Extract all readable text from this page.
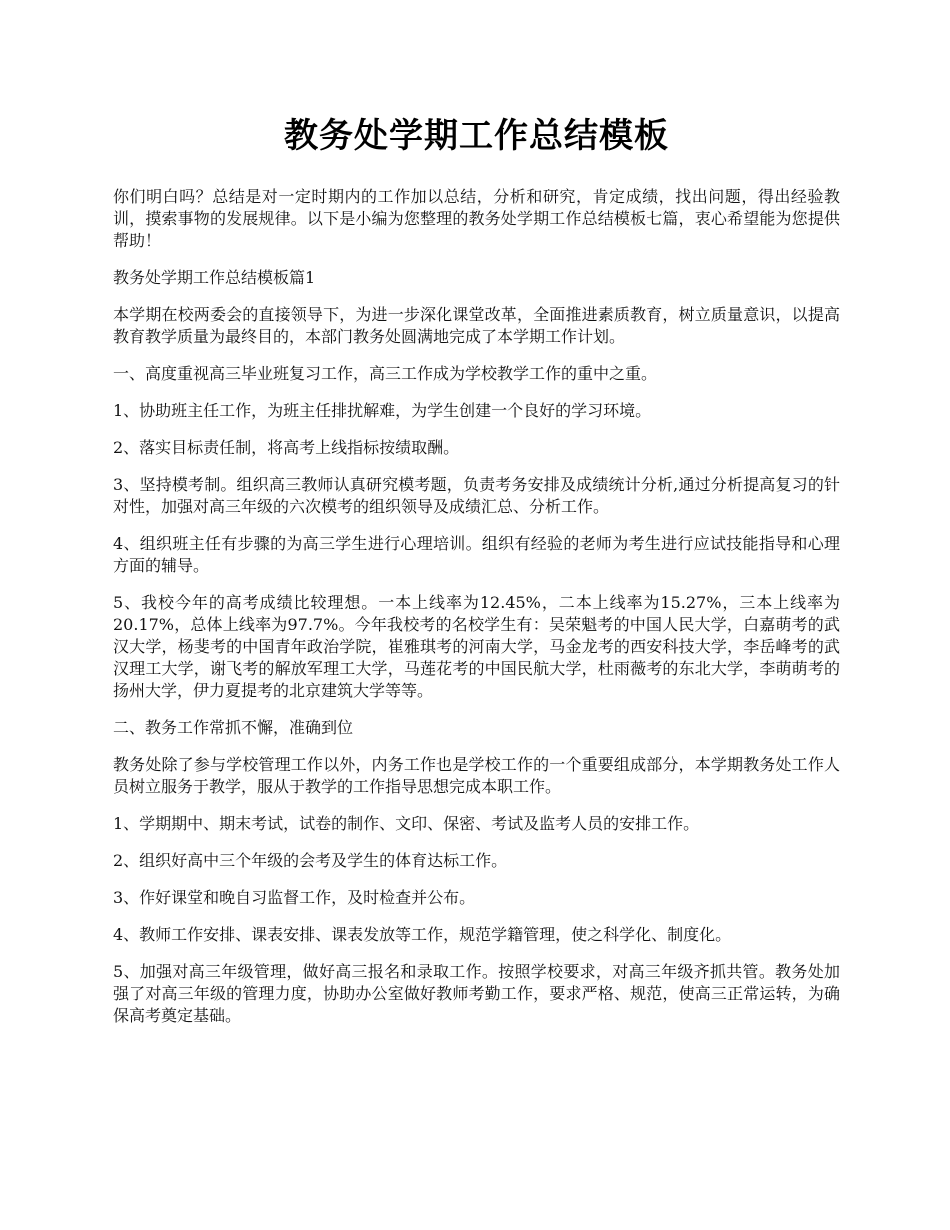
教务处学期工作总结模板

你们明白吗？总结是对一定时期内的工作加以总结，分析和研究，肯定成绩，找出问题，得出经验教训，摸索事物的发展规律。以下是小编为您整理的教务处学期工作总结模板七篇，衷心希望能为您提供帮助！

教务处学期工作总结模板篇1

本学期在校两委会的直接领导下，为进一步深化课堂改革，全面推进素质教育，树立质量意识，以提高教育教学质量为最终目的，本部门教务处圆满地完成了本学期工作计划。

一、高度重视高三毕业班复习工作，高三工作成为学校教学工作的重中之重。

1、协助班主任工作，为班主任排扰解难，为学生创建一个良好的学习环境。

2、落实目标责任制，将高考上线指标按绩取酬。

3、坚持模考制。组织高三教师认真研究模考题，负责考务安排及成绩统计分析,通过分析提高复习的针对性，加强对高三年级的六次模考的组织领导及成绩汇总、分析工作。

4、组织班主任有步骤的为高三学生进行心理培训。组织有经验的老师为考生进行应试技能指导和心理方面的辅导。

5、我校今年的高考成绩比较理想。一本上线率为12.45%，二本上线率为15.27%，三本上线率为20.17%，总体上线率为97.7%。今年我校考的名校学生有：吴荣魁考的中国人民大学，白嘉萌考的武汉大学，杨斐考的中国青年政治学院，崔雅琪考的河南大学，马金龙考的西安科技大学，李岳峰考的武汉理工大学，谢飞考的解放军理工大学，马莲花考的中国民航大学，杜雨薇考的东北大学，李萌萌考的扬州大学，伊力夏提考的北京建筑大学等等。

二、教务工作常抓不懈，准确到位

教务处除了参与学校管理工作以外，内务工作也是学校工作的一个重要组成部分，本学期教务处工作人员树立服务于教学，服从于教学的工作指导思想完成本职工作。

1、学期期中、期末考试，试卷的制作、文印、保密、考试及监考人员的安排工作。

2、组织好高中三个年级的会考及学生的体育达标工作。

3、作好课堂和晚自习监督工作，及时检查并公布。

4、教师工作安排、课表安排、课表发放等工作，规范学籍管理，使之科学化、制度化。

5、加强对高三年级管理，做好高三报名和录取工作。按照学校要求，对高三年级齐抓共管。教务处加强了对高三年级的管理力度，协助办公室做好教师考勤工作，要求严格、规范，使高三正常运转，为确保高考奠定基础。
